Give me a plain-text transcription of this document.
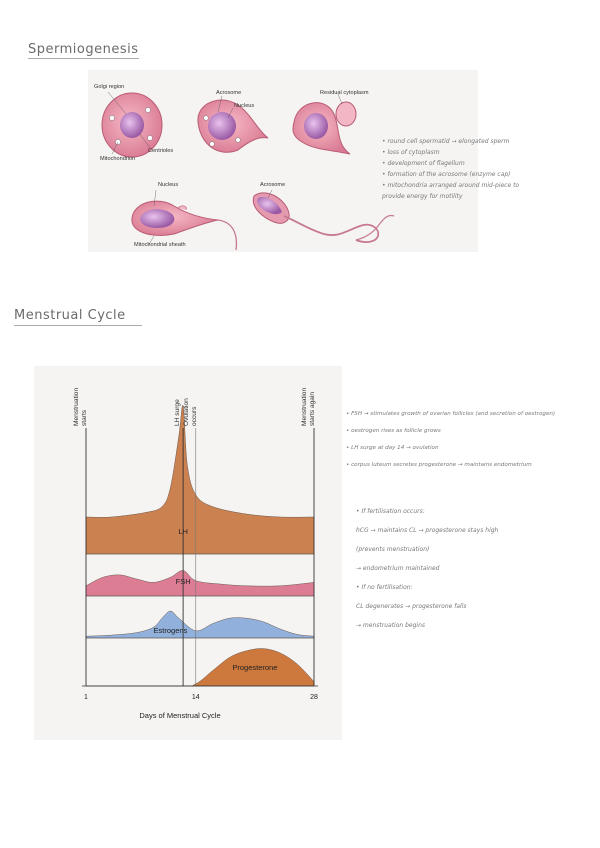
Spermiogenesis
Golgi region
Centrioles
Mitochondrion
Acrosome
Nucleus
Residual cytoplasm
Nucleus	Acrosome
Mitochondrial sheath
• round cell spermatid → elongated sperm
• loss of cytoplasm
• development of flagellum
• formation of the acrosome (enzyme cap)
• mitochondria arranged around mid-piece to
provide energy for motility
Menstrual Cycle
LH
FSH
Estrogens
Progesterone
Menstruation starts	LH surge Ovulation occurs	Menstruation starts again
1	14	28
Days of Menstrual Cycle
• FSH → stimulates growth of ovarian follicles (and secretion of oestrogen)
• oestrogen rises as follicle grows
• LH surge at day 14 → ovulation
• corpus luteum secretes progesterone → maintains endometrium
• If fertilisation occurs:
hCG → maintains CL → progesterone stays high
(prevents menstruation)
→ endometrium maintained
• If no fertilisation:
CL degenerates → progesterone falls
→ menstruation begins
